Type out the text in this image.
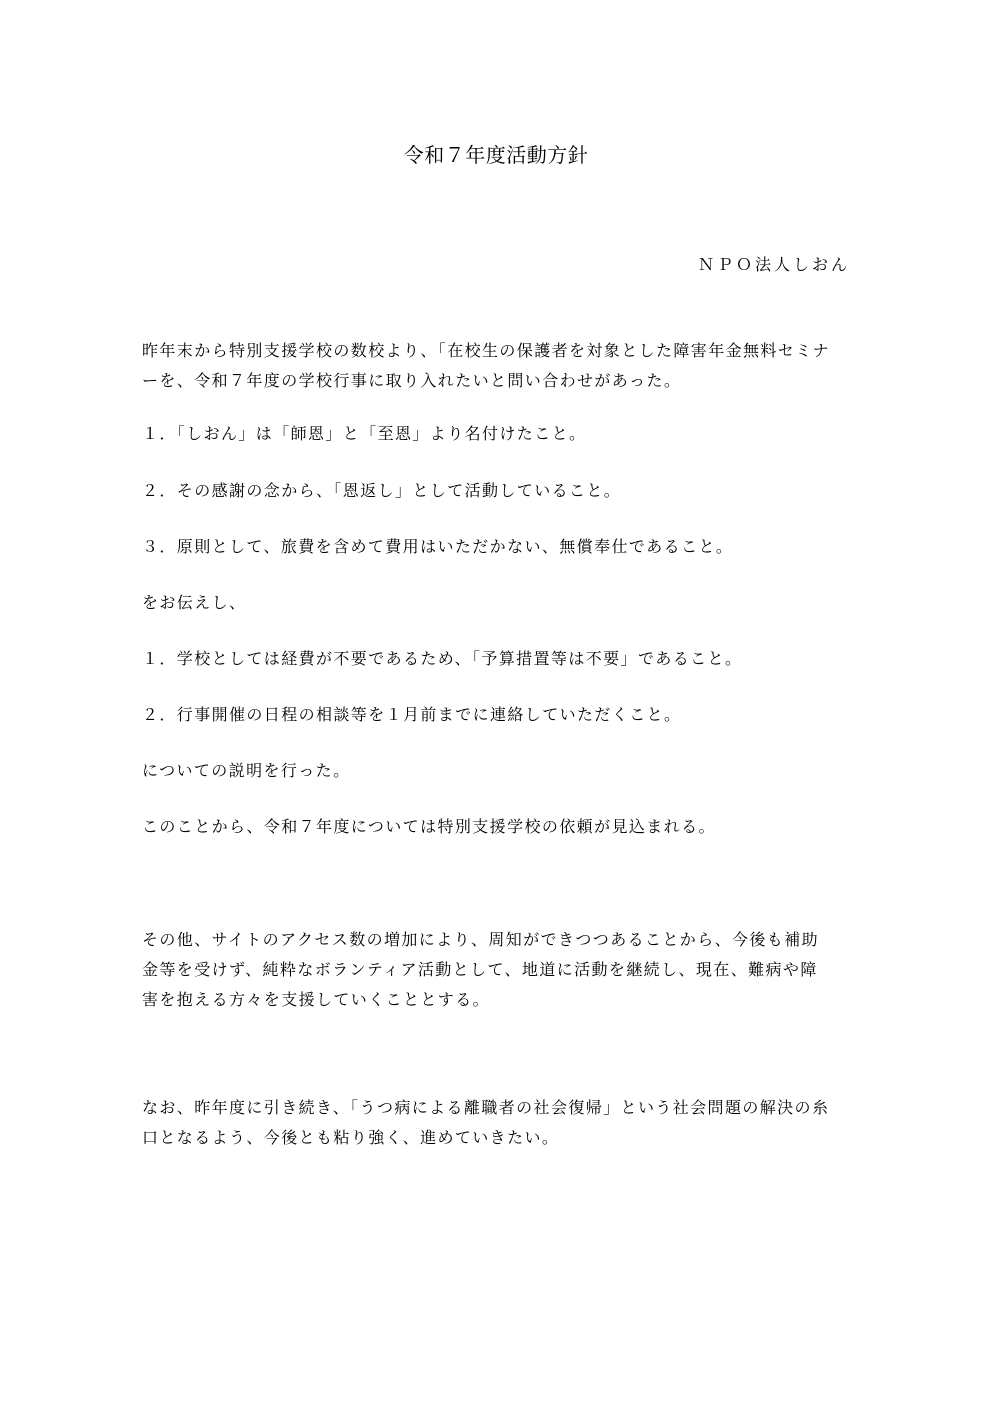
令和７年度活動方針
ＮＰＯ法人しおん
昨年末から特別支援学校の数校より、「在校生の保護者を対象とした障害年金無料セミナ
ーを、令和７年度の学校行事に取り入れたいと問い合わせがあった。
１．「しおん」は「師恩」と「至恩」より名付けたこと。
２．その感謝の念から、「恩返し」として活動していること。
３．原則として、旅費を含めて費用はいただかない、無償奉仕であること。
をお伝えし、
１．学校としては経費が不要であるため、「予算措置等は不要」であること。
２．行事開催の日程の相談等を１月前までに連絡していただくこと。
についての説明を行った。
このことから、令和７年度については特別支援学校の依頼が見込まれる。
その他、サイトのアクセス数の増加により、周知ができつつあることから、今後も補助
金等を受けず、純粋なボランティア活動として、地道に活動を継続し、現在、難病や障
害を抱える方々を支援していくこととする。
なお、昨年度に引き続き、「うつ病による離職者の社会復帰」という社会問題の解決の糸
口となるよう、今後とも粘り強く、進めていきたい。
